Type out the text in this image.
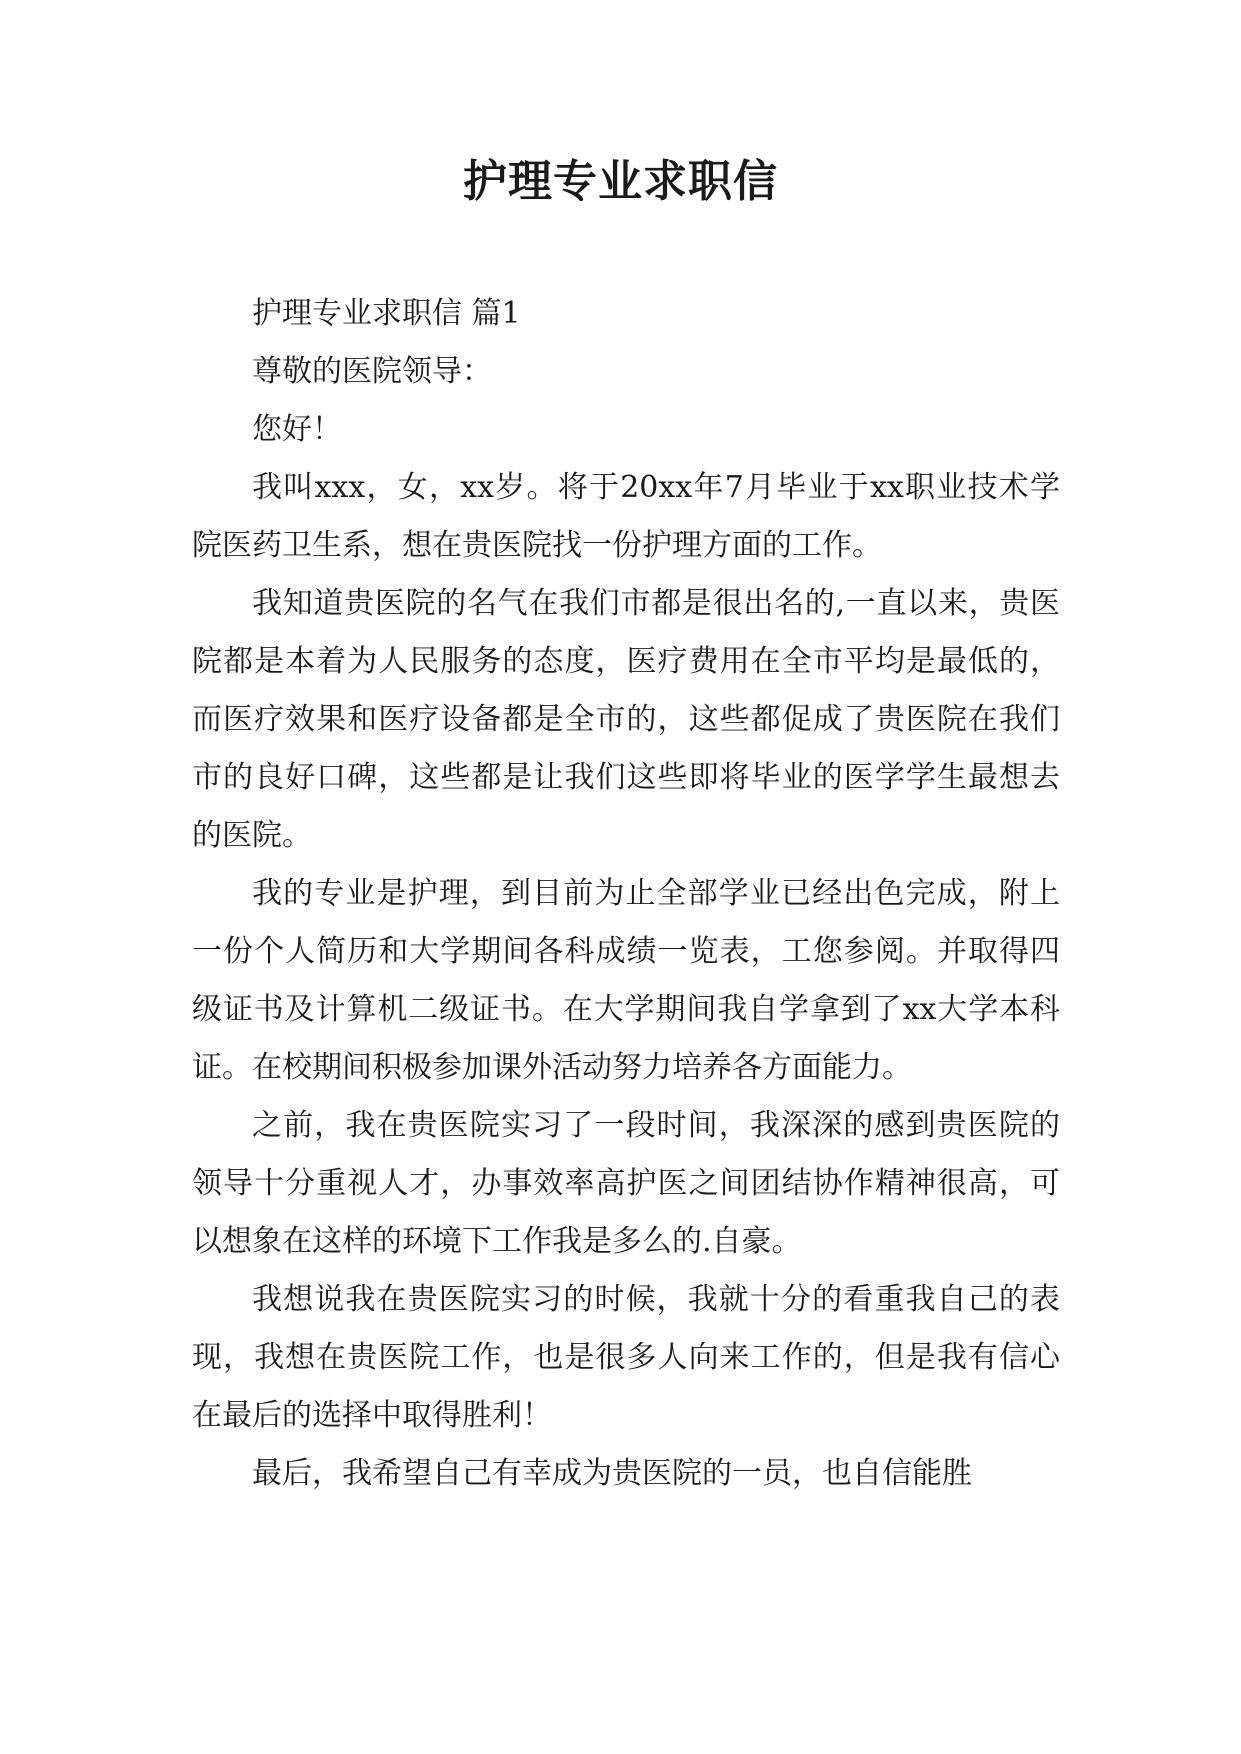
护理专业求职信

护理专业求职信 篇1

尊敬的医院领导：

您好！

我叫xxx，女，xx岁。将于20xx年7月毕业于xx职业技术学院医药卫生系，想在贵医院找一份护理方面的工作。

我知道贵医院的名气在我们市都是很出名的,一直以来，贵医院都是本着为人民服务的态度，医疗费用在全市平均是最低的，而医疗效果和医疗设备都是全市的，这些都促成了贵医院在我们市的良好口碑，这些都是让我们这些即将毕业的医学学生最想去的医院。

我的专业是护理，到目前为止全部学业已经出色完成，附上一份个人简历和大学期间各科成绩一览表，工您参阅。并取得四级证书及计算机二级证书。在大学期间我自学拿到了xx大学本科证。在校期间积极参加课外活动努力培养各方面能力。

之前，我在贵医院实习了一段时间，我深深的感到贵医院的领导十分重视人才，办事效率高护医之间团结协作精神很高，可以想象在这样的环境下工作我是多么的.自豪。

我想说我在贵医院实习的时候，我就十分的看重我自己的表现，我想在贵医院工作，也是很多人向来工作的，但是我有信心在最后的选择中取得胜利！

最后，我希望自己有幸成为贵医院的一员，也自信能胜
